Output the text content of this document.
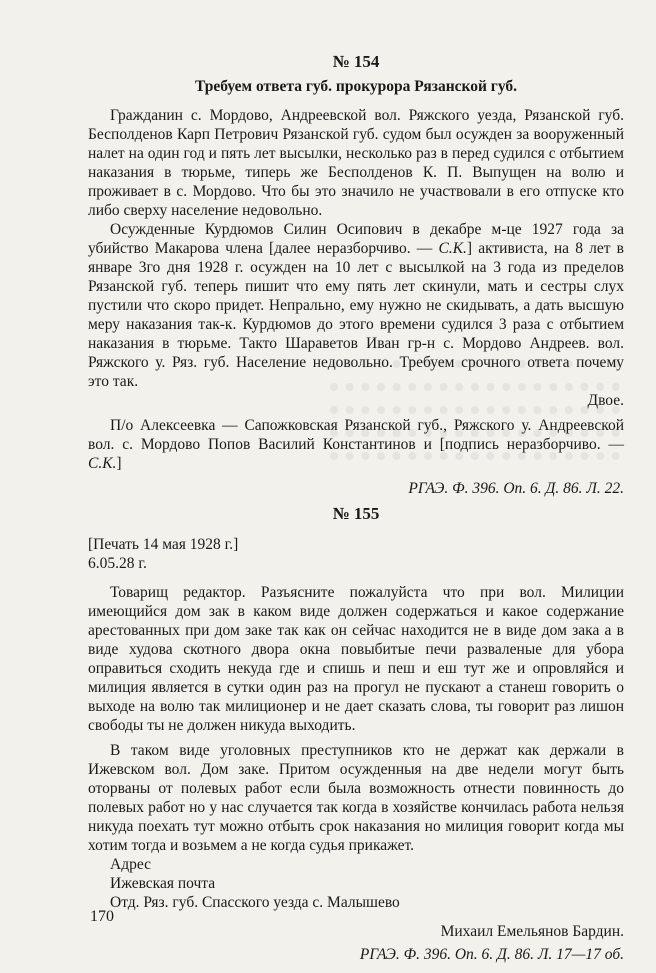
№ 154
Требуем ответа губ. прокурора Рязанской губ.

Гражданин с. Мордово, Андреевской вол. Ряжского уезда, Рязанской губ. Бесполденов Карп Петрович Рязанской губ. судом был осужден за вооруженный налет на один год и пять лет высылки, несколько раз в перед судился с отбытием наказания в тюрьме, типерь же Бесполденов К. П. Выпущен на волю и проживает в с. Мордово. Что бы это значило не участвовали в его отпуске кто либо сверху население недовольно.

Осужденные Курдюмов Силин Осипович в декабре м-це 1927 года за убийство Макарова члена [далее неразборчиво. — С.К.] активиста, на 8 лет в январе 3го дня 1928 г. осужден на 10 лет с высылкой на 3 года из пределов Рязанской губ. теперь пишит что ему пять лет скинули, мать и сестры слух пустили что скоро придет. Непрально, ему нужно не скидывать, а дать высшую меру наказания так-к. Курдюмов до этого времени судился 3 раза с отбытием наказания в тюрьме. Такто Шараветов Иван гр-н с. Мордово Андреев. вол. Ряжского у. Ряз. губ. Население недовольно. Требуем срочного ответа почему это так.

Двое.

П/о Алексеевка — Сапожковская Рязанской губ., Ряжского у. Андреевской вол. с. Мордово Попов Василий Константинов и [подпись неразборчиво. — С.К.]

РГАЭ. Ф. 396. Оп. 6. Д. 86. Л. 22.

№ 155

[Печать 14 мая 1928 г.]

6.05.28 г.

Товарищ редактор. Разъясните пожалуйста что при вол. Милиции имеющийся дом зак в каком виде должен содержаться и какое содержание арестованных при дом заке так как он сейчас находится не в виде дом зака а в виде худова скотного двора окна повыбитые печи разваленые для убора оправиться сходить некуда где и спишь и пеш и еш тут же и опровляйся и милиция является в сутки один раз на прогул не пускают а станеш говорить о выходе на волю так милиционер и не дает сказать слова, ты говорит раз лишон свободы ты не должен никуда выходить.

В таком виде уголовных преступников кто не держат как держали в Ижевском вол. Дом заке. Притом осужденныя на две недели могут быть оторваны от полевых работ если была возможность отнести повинность до полевых работ но у нас случается так когда в хозяйстве кончилась работа нельзя никуда поехать тут можно отбыть срок наказания но милиция говорит когда мы хотим тогда и возьмем а не когда судья прикажет.

Адрес
Ижевская почта
Отд. Ряз. губ. Спасского уезда с. Малышево

Михаил Емельянов Бардин.

РГАЭ. Ф. 396. Оп. 6. Д. 86. Л. 17—17 об.

170
